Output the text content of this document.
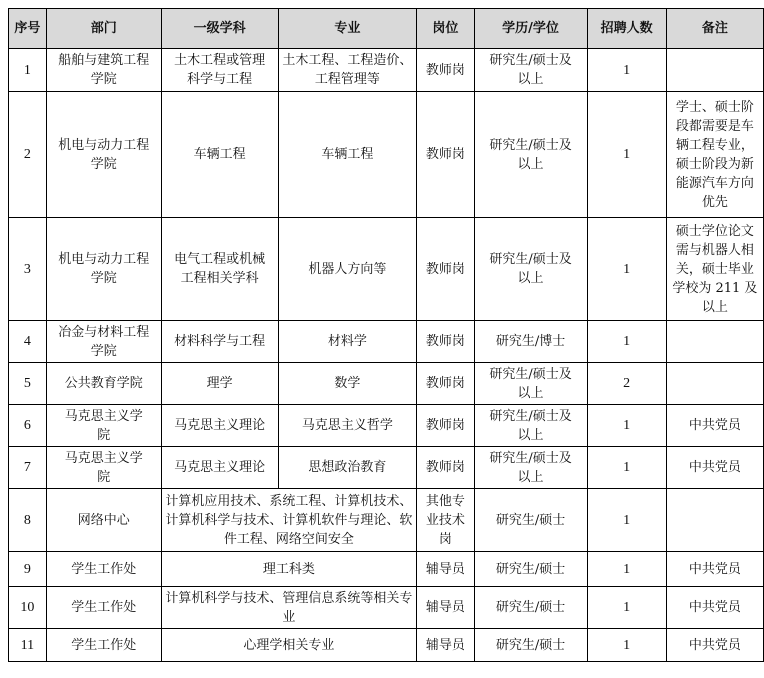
序号	部门	一级学科	专业	岗位	学历/学位	招聘人数	备注
1	船舶与建筑工程学院	土木工程或管理科学与工程	土木工程、工程造价、工程管理等	教师岗	研究生/硕士及以上	1	
2	机电与动力工程学院	车辆工程	车辆工程	教师岗	研究生/硕士及以上	1	学士、硕士阶段都需要是车辆工程专业，硕士阶段为新能源汽车方向优先
3	机电与动力工程学院	电气工程或机械工程相关学科	机器人方向等	教师岗	研究生/硕士及以上	1	硕士学位论文需与机器人相关，硕士毕业学校为 211 及以上
4	冶金与材料工程学院	材料科学与工程	材料学	教师岗	研究生/博士	1	
5	公共教育学院	理学	数学	教师岗	研究生/硕士及以上	2	
6	马克思主义学院	马克思主义理论	马克思主义哲学	教师岗	研究生/硕士及以上	1	中共党员
7	马克思主义学院	马克思主义理论	思想政治教育	教师岗	研究生/硕士及以上	1	中共党员
8	网络中心	计算机应用技术、系统工程、计算机技术、计算机科学与技术、计算机软件与理论、软件工程、网络空间安全		其他专业技术岗	研究生/硕士	1	
9	学生工作处	理工科类		辅导员	研究生/硕士	1	中共党员
10	学生工作处	计算机科学与技术、管理信息系统等相关专业		辅导员	研究生/硕士	1	中共党员
11	学生工作处	心理学相关专业		辅导员	研究生/硕士	1	中共党员
